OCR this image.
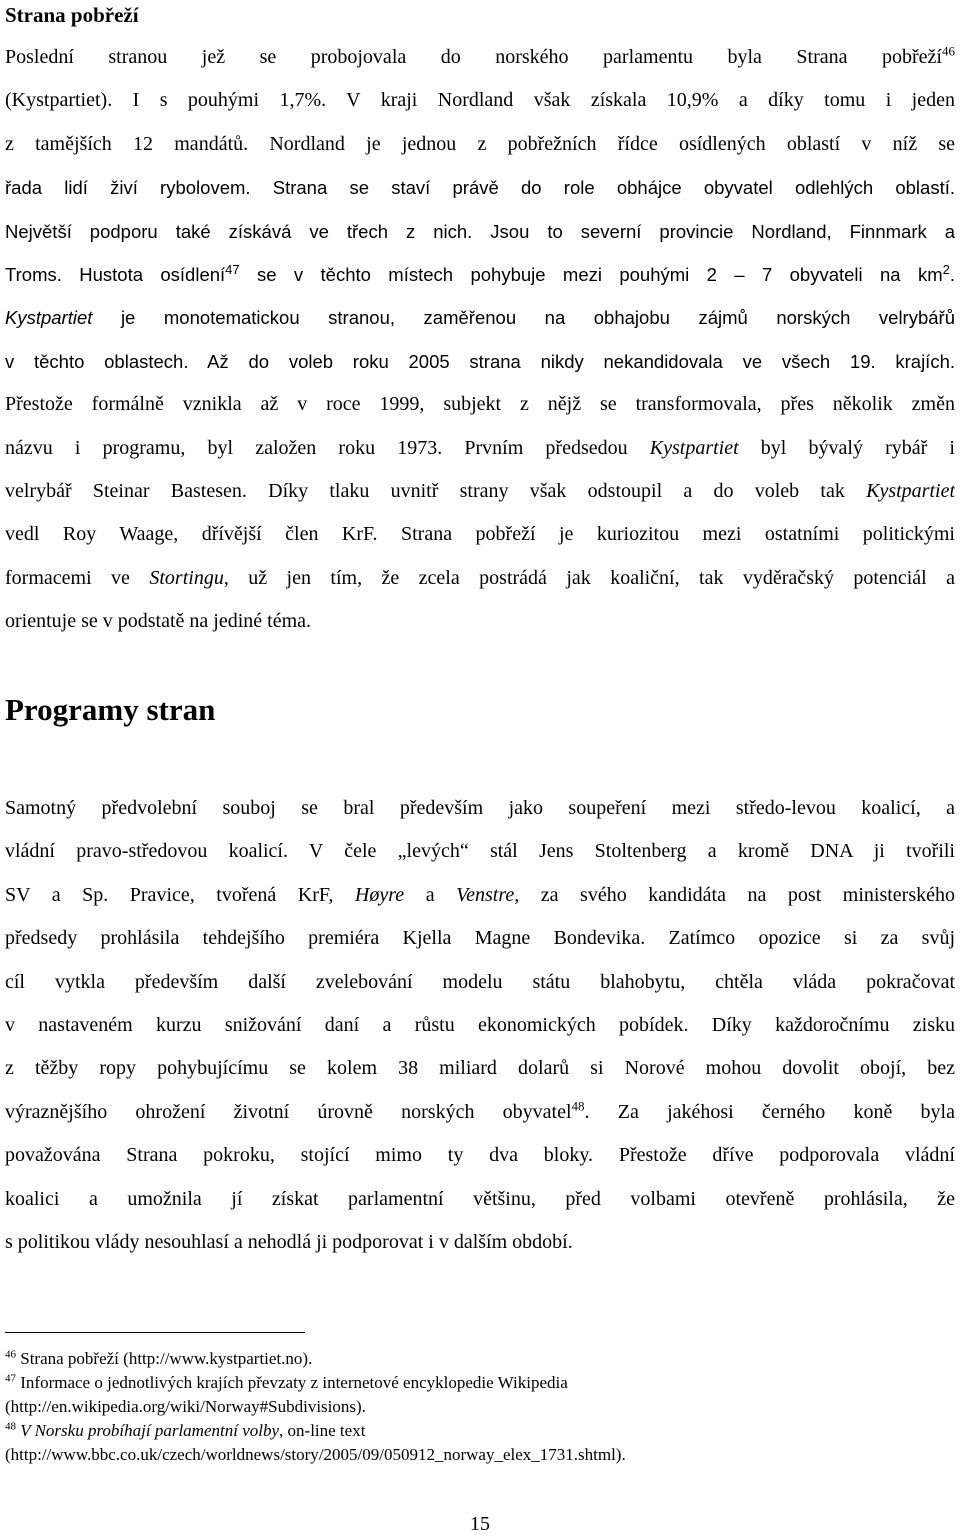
Strana pobřeží
Poslední stranou jež se probojovala do norského parlamentu byla Strana pobřeží$^{46}$
(Kystpartiet). I s pouhými 1,7%. V kraji Nordland však získala 10,9% a díky tomu i jeden
z tamějších 12 mandátů. Nordland je jednou z pobřežních řídce osídlených oblastí v níž se
řada lidí živí rybolovem. Strana se staví právě do role obhájce obyvatel odlehlých oblastí.
Největší podporu také získává ve třech z nich. Jsou to severní provincie Nordland, Finnmark a
Troms. Hustota osídlení$^{47}$ se v těchto místech pohybuje mezi pouhými 2 – 7 obyvateli na $km^2$.
Kystpartiet je monotematickou stranou, zaměřenou na obhajobu zájmů norských velrybářů
v těchto oblastech. Až do voleb roku 2005 strana nikdy nekandidovala ve všech 19. krajích.
Přestože formálně vznikla až v roce 1999, subjekt z nějž se transformovala, přes několik změn
názvu i programu, byl založen roku 1973. Prvním předsedou Kystpartiet byl bývalý rybář i
velrybář Steinar Bastesen. Díky tlaku uvnitř strany však odstoupil a do voleb tak Kystpartiet
vedl Roy Waage, dřívější člen KrF. Strana pobřeží je kuriozitou mezi ostatními politickými
formacemi ve Stortingu, už jen tím, že zcela postrádá jak koaliční, tak vyděračský potenciál a
orientuje se v podstatě na jediné téma.
Programy stran
Samotný předvolební souboj se bral především jako soupeření mezi středo-levou koalicí, a
vládní pravo-středovou koalicí. V čele „levých“ stál Jens Stoltenberg a kromě DNA ji tvořili
SV a Sp. Pravice, tvořená KrF, Høyre a Venstre, za svého kandidáta na post ministerského
předsedy prohlásila tehdejšího premiéra Kjella Magne Bondevika. Zatímco opozice si za svůj
cíl vytkla především další zvelebování modelu státu blahobytu, chtěla vláda pokračovat
v nastaveném kurzu snižování daní a růstu ekonomických pobídek. Díky každoročnímu zisku
z těžby ropy pohybujícímu se kolem 38 miliard dolarů si Norové mohou dovolit obojí, bez
výraznějšího ohrožení životní úrovně norských obyvatel$^{48}$. Za jakéhosi černého koně byla
považována Strana pokroku, stojící mimo ty dva bloky. Přestože dříve podporovala vládní
koalici a umožnila jí získat parlamentní většinu, před volbami otevřeně prohlásila, že
s politikou vlády nesouhlasí a nehodlá ji podporovat i v dalším období.
$^{46}$ Strana pobřeží (http://www.kystpartiet.no).
$^{47}$ Informace o jednotlivých krajích převzaty z internetové encyklopedie Wikipedia
(http://en.wikipedia.org/wiki/Norway#Subdivisions).
$^{48}$ V Norsku probíhají parlamentní volby, on-line text
(http://www.bbc.co.uk/czech/worldnews/story/2005/09/050912_norway_elex_1731.shtml).
15
